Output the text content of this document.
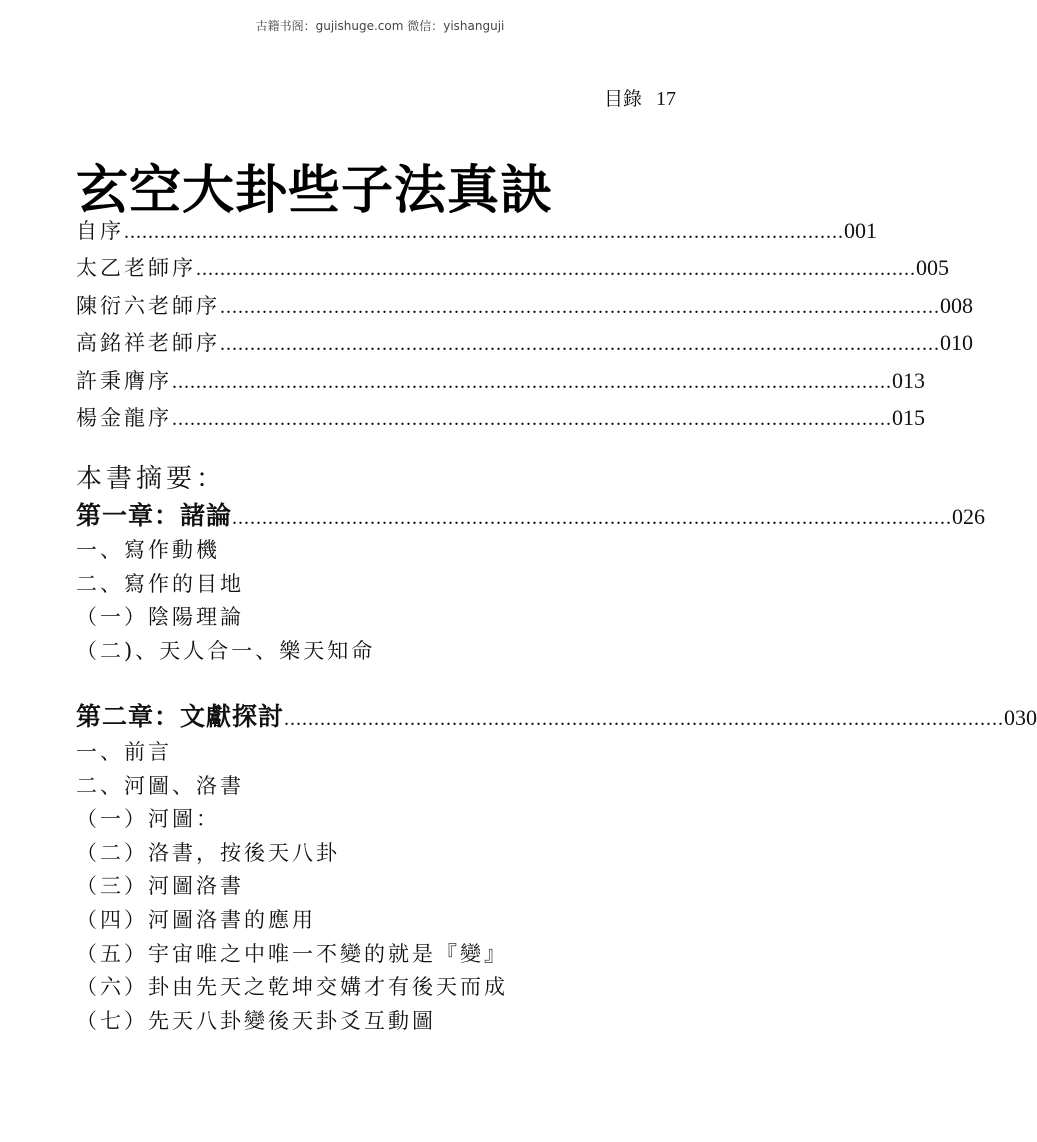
古籍书阁：gujishuge.com 微信：yishanguji
目錄 17
玄空大卦些子法真訣
自序 ........................................................................................................................ 001
太乙老師序 ........................................................................................................................ 005
陳衍六老師序 ........................................................................................................................ 008
高銘祥老師序 ........................................................................................................................ 010
許秉膺序 ........................................................................................................................ 013
楊金龍序 ........................................................................................................................ 015
本書摘要：
第一章：諸論 ........................................................................................................................ 026
一、寫作動機
二、寫作的目地
（一）陰陽理論
（二)、天人合一、樂天知命
第二章：文獻探討 ........................................................................................................................ 030
一、前言
二、河圖、洛書
（一）河圖：
（二）洛書，按後天八卦
（三）河圖洛書
（四）河圖洛書的應用
（五）宇宙唯之中唯一不變的就是『變』
（六）卦由先天之乾坤交媾才有後天而成
（七）先天八卦變後天卦爻互動圖
